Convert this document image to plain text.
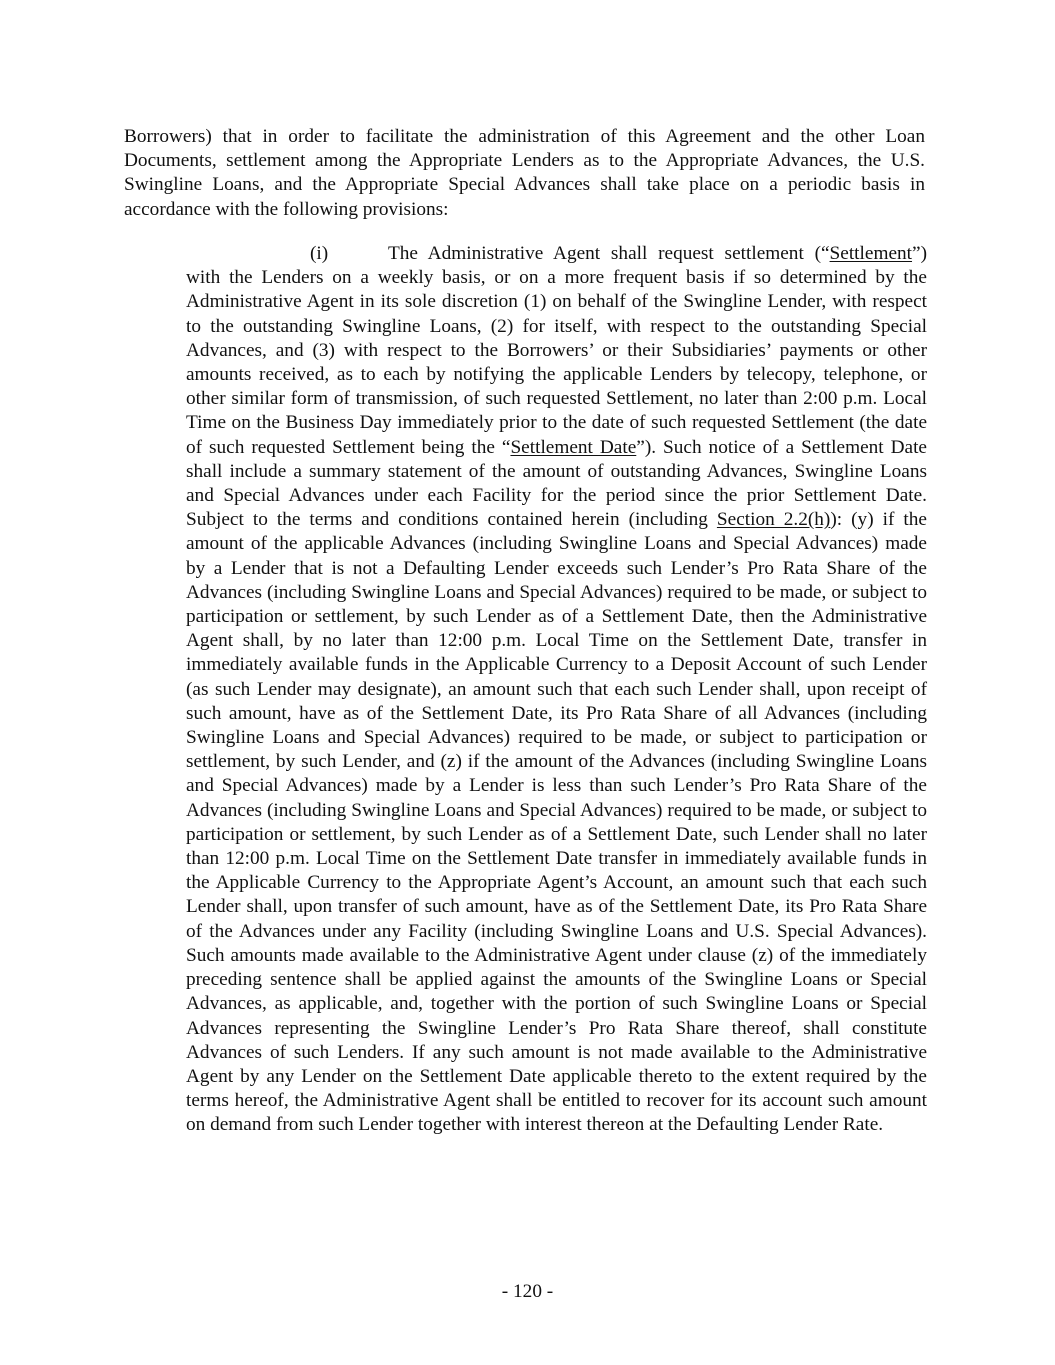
Borrowers) that in order to facilitate the administration of this Agreement and the other Loan Documents, settlement among the Appropriate Lenders as to the Appropriate Advances, the U.S. Swingline Loans, and the Appropriate Special Advances shall take place on a periodic basis in accordance with the following provisions:

(i)	The Administrative Agent shall request settlement (“Settlement”) with the Lenders on a weekly basis, or on a more frequent basis if so determined by the Administrative Agent in its sole discretion (1) on behalf of the Swingline Lender, with respect to the outstanding Swingline Loans, (2) for itself, with respect to the outstanding Special Advances, and (3) with respect to the Borrowers’ or their Subsidiaries’ payments or other amounts received, as to each by notifying the applicable Lenders by telecopy, telephone, or other similar form of transmission, of such requested Settlement, no later than 2:00 p.m. Local Time on the Business Day immediately prior to the date of such requested Settlement (the date of such requested Settlement being the “Settlement Date”). Such notice of a Settlement Date shall include a summary statement of the amount of outstanding Advances, Swingline Loans and Special Advances under each Facility for the period since the prior Settlement Date. Subject to the terms and conditions contained herein (including Section 2.2(h)): (y) if the amount of the applicable Advances (including Swingline Loans and Special Advances) made by a Lender that is not a Defaulting Lender exceeds such Lender’s Pro Rata Share of the Advances (including Swingline Loans and Special Advances) required to be made, or subject to participation or settlement, by such Lender as of a Settlement Date, then the Administrative Agent shall, by no later than 12:00 p.m. Local Time on the Settlement Date, transfer in immediately available funds in the Applicable Currency to a Deposit Account of such Lender (as such Lender may designate), an amount such that each such Lender shall, upon receipt of such amount, have as of the Settlement Date, its Pro Rata Share of all Advances (including Swingline Loans and Special Advances) required to be made, or subject to participation or settlement, by such Lender, and (z) if the amount of the Advances (including Swingline Loans and Special Advances) made by a Lender is less than such Lender’s Pro Rata Share of the Advances (including Swingline Loans and Special Advances) required to be made, or subject to participation or settlement, by such Lender as of a Settlement Date, such Lender shall no later than 12:00 p.m. Local Time on the Settlement Date transfer in immediately available funds in the Applicable Currency to the Appropriate Agent’s Account, an amount such that each such Lender shall, upon transfer of such amount, have as of the Settlement Date, its Pro Rata Share of the Advances under any Facility (including Swingline Loans and U.S. Special Advances). Such amounts made available to the Administrative Agent under clause (z) of the immediately preceding sentence shall be applied against the amounts of the Swingline Loans or Special Advances, as applicable, and, together with the portion of such Swingline Loans or Special Advances representing the Swingline Lender’s Pro Rata Share thereof, shall constitute Advances of such Lenders. If any such amount is not made available to the Administrative Agent by any Lender on the Settlement Date applicable thereto to the extent required by the terms hereof, the Administrative Agent shall be entitled to recover for its account such amount on demand from such Lender together with interest thereon at the Defaulting Lender Rate.

- 120 -
